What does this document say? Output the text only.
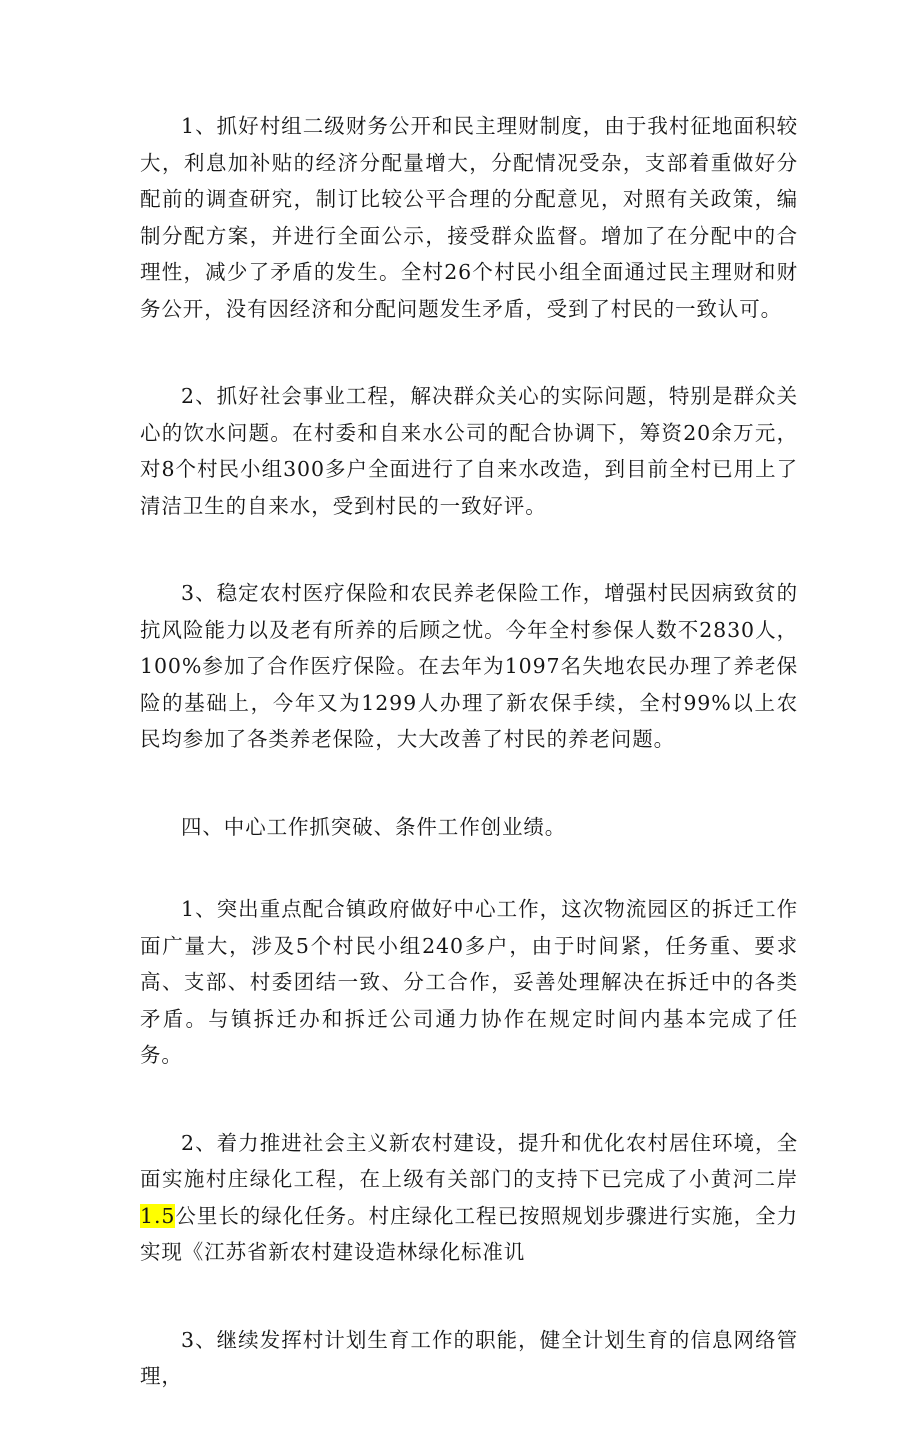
1、抓好村组二级财务公开和民主理财制度，由于我村征地面积较大，利息加补贴的经济分配量增大，分配情况受杂，支部着重做好分配前的调查研究，制订比较公平合理的分配意见，对照有关政策，编制分配方案，并进行全面公示，接受群众监督。增加了在分配中的合理性，减少了矛盾的发生。全村26个村民小组全面通过民主理财和财务公开，没有因经济和分配问题发生矛盾，受到了村民的一致认可。

2、抓好社会事业工程，解决群众关心的实际问题，特别是群众关心的饮水问题。在村委和自来水公司的配合协调下，筹资20余万元，对8个村民小组300多户全面进行了自来水改造，到目前全村已用上了清洁卫生的自来水，受到村民的一致好评。

3、稳定农村医疗保险和农民养老保险工作，增强村民因病致贫的抗风险能力以及老有所养的后顾之忧。今年全村参保人数不2830人，100%参加了合作医疗保险。在去年为1097名失地农民办理了养老保险的基础上，今年又为1299人办理了新农保手续，全村99%以上农民均参加了各类养老保险，大大改善了村民的养老问题。

四、中心工作抓突破、条件工作创业绩。

1、突出重点配合镇政府做好中心工作，这次物流园区的拆迁工作面广量大，涉及5个村民小组240多户，由于时间紧，任务重、要求高、支部、村委团结一致、分工合作，妥善处理解决在拆迁中的各类矛盾。与镇拆迁办和拆迁公司通力协作在规定时间内基本完成了任务。

2、着力推进社会主义新农村建设，提升和优化农村居住环境，全面实施村庄绿化工程，在上级有关部门的支持下已完成了小黄河二岸1.5公里长的绿化任务。村庄绿化工程已按照规划步骤进行实施，全力实现《江苏省新农村建设造林绿化标准讥

3、继续发挥村计划生育工作的职能，健全计划生育的信息网络管理，
